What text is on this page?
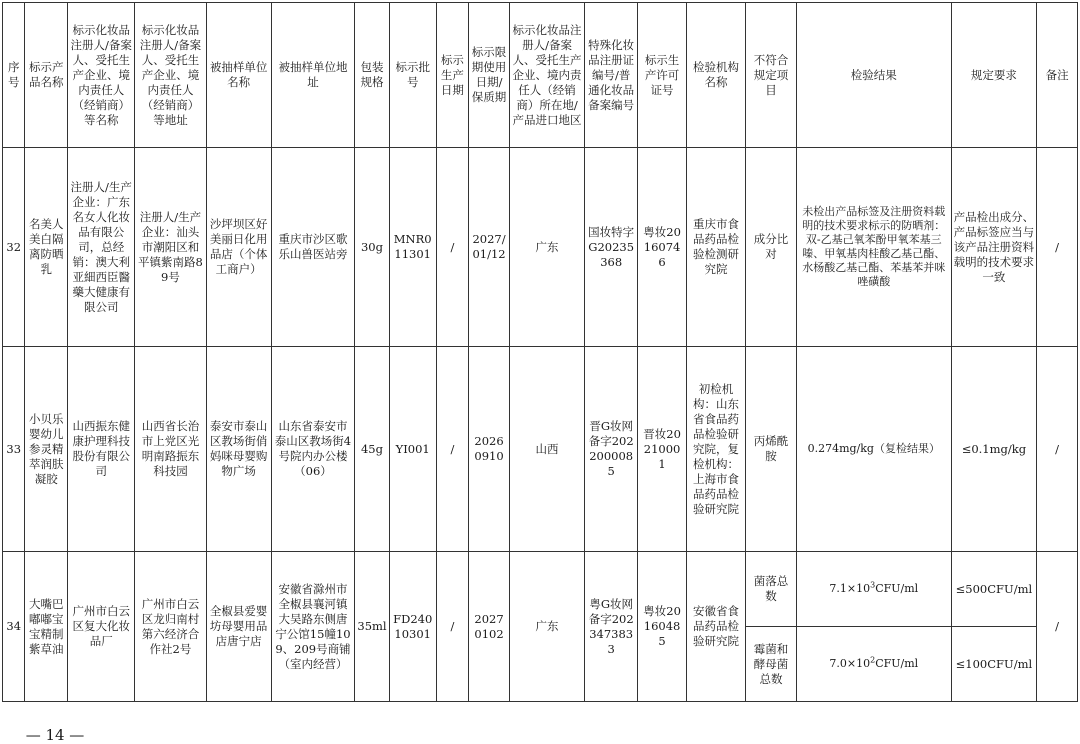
序号	标示产品名称	标示化妆品注册人/备案人、受托生产企业、境内责任人（经销商）等名称	标示化妆品注册人/备案人、受托生产企业、境内责任人（经销商）等地址	被抽样单位名称	被抽样单位地址	包装规格	标示批号	标示生产日期	标示限期使用日期/保质期	标示化妆品注册人/备案人、受托生产企业、境内责任人（经销商）所在地/产品进口地区	特殊化妆品注册证编号/普通化妆品备案编号	标示生产许可证号	检验机构名称	不符合规定项目	检验结果	规定要求	备注
32	名美人美白隔离防晒乳	注册人/生产企业：广东名女人化妆品有限公司，总经销：澳大利亚細西臣醫藥大健康有限公司	注册人/生产企业：汕头市潮阳区和平镇紫南路89号	沙坪坝区好美丽日化用品店（个体工商户）	重庆市沙区歌乐山兽医站旁	30g	MNR011301	/	2027/01/12	广东	国妆特字G20235368	粤妆20160746	重庆市食品药品检验检测研究院	成分比对	未检出产品标签及注册资料载明的技术要求标示的防晒剂：双-乙基己氧苯酚甲氧苯基三嗪、甲氧基肉桂酸乙基己酯、水杨酸乙基己酯、苯基苯并咪唑磺酸	产品检出成分、产品标签应当与该产品注册资料载明的技术要求一致	/
33	小贝乐婴幼儿参灵精萃润肤凝胶	山西振东健康护理科技股份有限公司	山西省长治市上党区光明南路振东科技园	泰安市泰山区教场街俏妈咪母婴购物广场	山东省泰安市泰山区教场街4号院内办公楼（06）	45g	YI001	/	20260910	山西	晋G妆网备字2022000085	晋妆20210001	初检机构：山东省食品药品检验研究院，复检机构：上海市食品药品检验研究院	丙烯酰胺	0.274mg/kg（复检结果）	≤0.1mg/kg	/
34	大嘴巴嘟嘟宝宝精制紫草油	广州市白云区复大化妆品厂	广州市白云区龙归南村第六经济合作社2号	全椒县爱婴坊母婴用品店唐宁店	安徽省滁州市全椒县襄河镇大吴路东侧唐宁公馆15幢109、209号商铺（室内经营）	35ml	FD24010301	/	20270102	广东	粤G妆网备字2023473833	粤妆20160485	安徽省食品药品检验研究院	菌落总数	$7.1\times 10^3CFU/ml$	≤500CFU/ml	/
														霉菌和酵母菌总数	$7.0\times 10^2CFU/ml$	≤100CFU/ml	
— 14 —
